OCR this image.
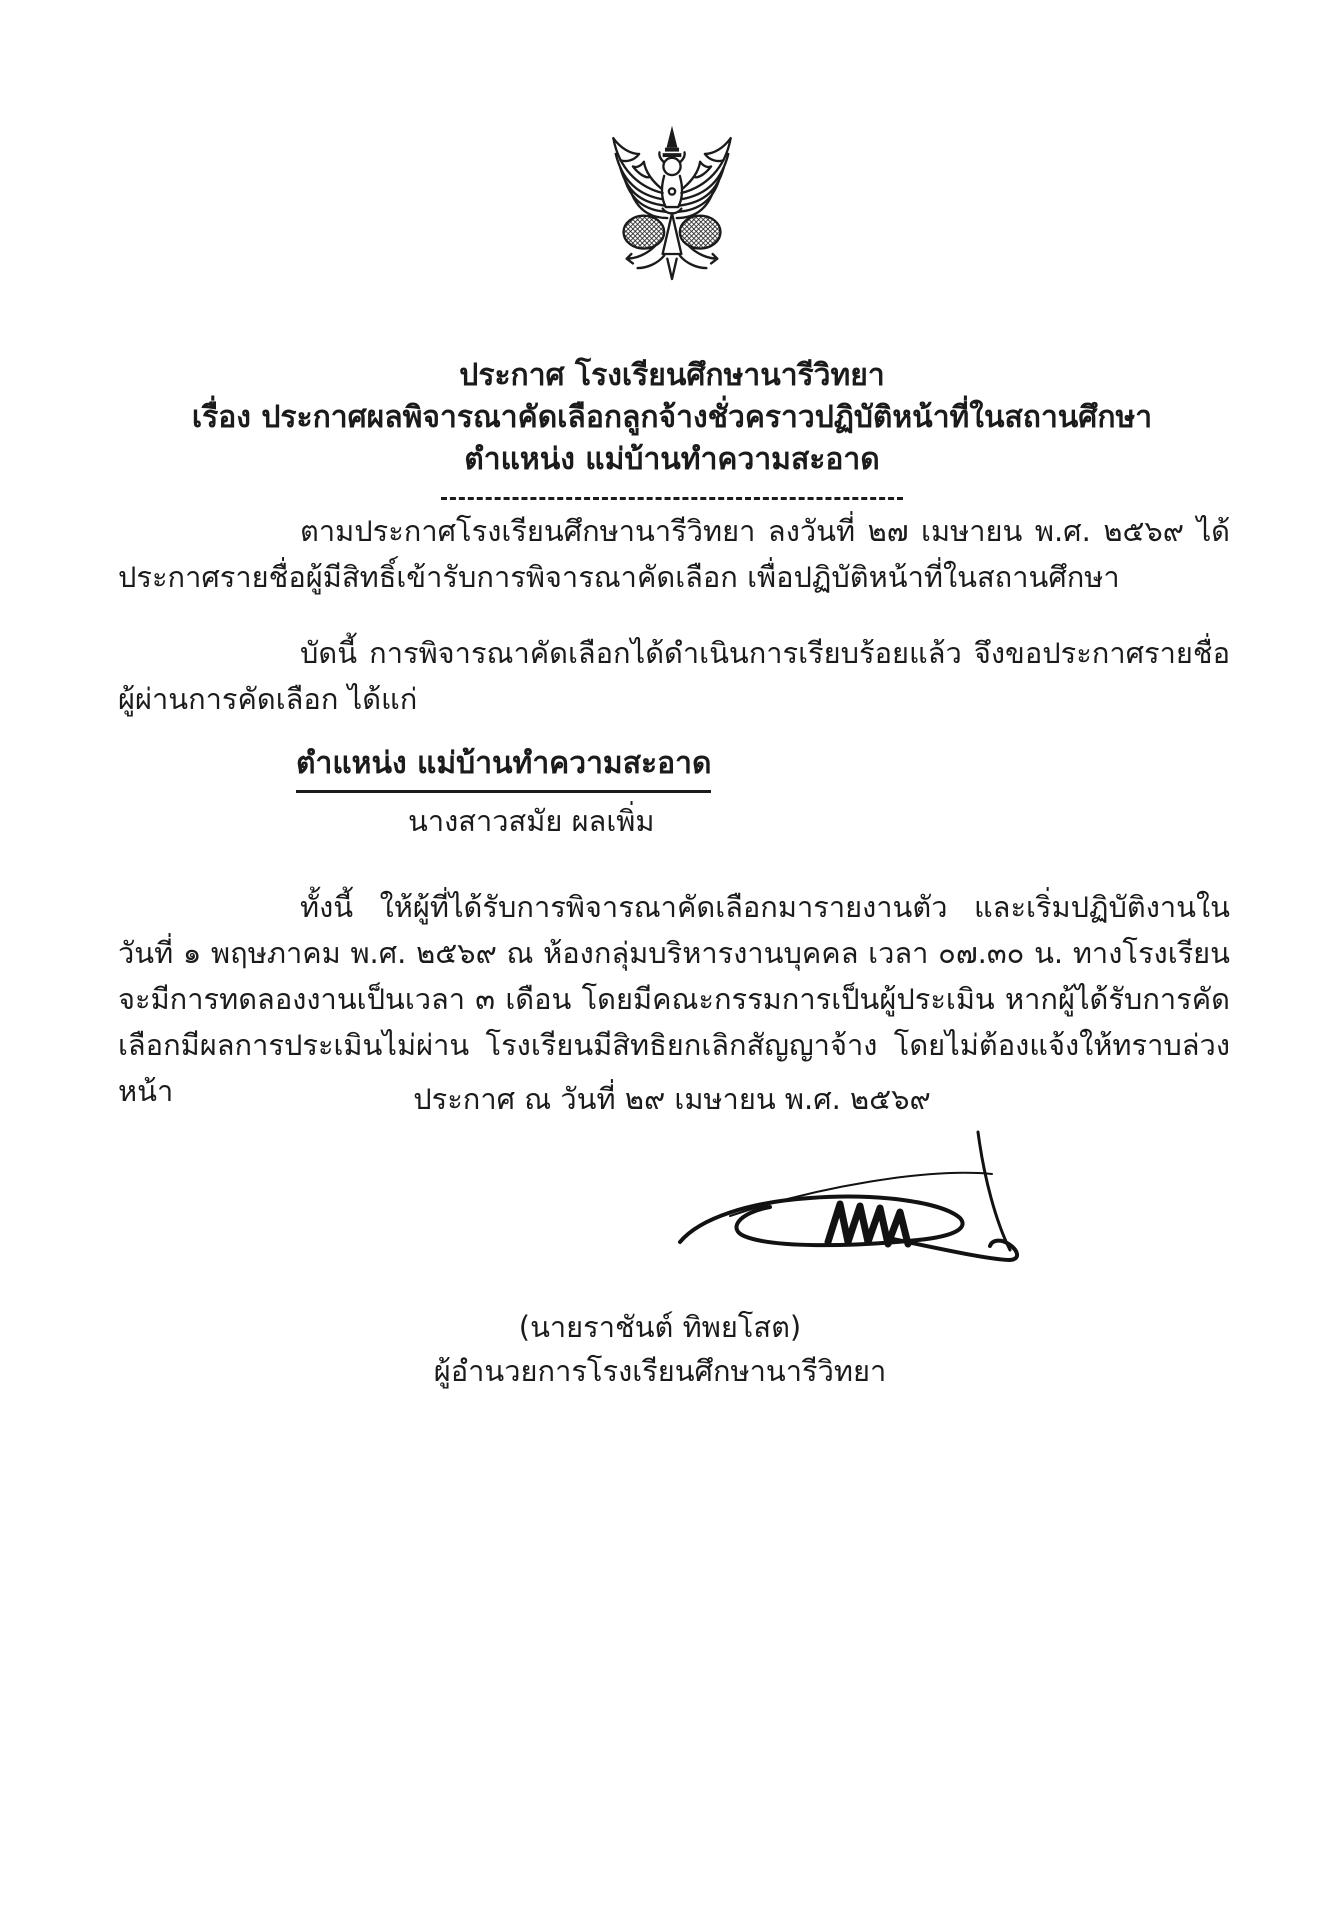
ประกาศ โรงเรียนศึกษานารีวิทยา
เรื่อง ประกาศผลพิจารณาคัดเลือกลูกจ้างชั่วคราวปฏิบัติหน้าที่ในสถานศึกษา
ตำแหน่ง แม่บ้านทำความสะอาด
ตามประกาศโรงเรียนศึกษานารีวิทยา ลงวันที่ ๒๗ เมษายน พ.ศ. ๒๕๖๙ ได้ประกาศรายชื่อผู้มีสิทธิ์เข้ารับการพิจารณาคัดเลือก เพื่อปฏิบัติหน้าที่ในสถานศึกษา
บัดนี้ การพิจารณาคัดเลือกได้ดำเนินการเรียบร้อยแล้ว จึงขอประกาศรายชื่อผู้ผ่านการคัดเลือก ได้แก่
ตำแหน่ง แม่บ้านทำความสะอาด
นางสาวสมัย ผลเพิ่ม
ทั้งนี้ ให้ผู้ที่ได้รับการพิจารณาคัดเลือกมารายงานตัว และเริ่มปฏิบัติงานในวันที่ ๑ พฤษภาคม พ.ศ. ๒๕๖๙ ณ ห้องกลุ่มบริหารงานบุคคล เวลา ๐๗.๓๐ น. ทางโรงเรียนจะมีการทดลองงานเป็นเวลา ๓ เดือน โดยมีคณะกรรมการเป็นผู้ประเมิน หากผู้ได้รับการคัดเลือกมีผลการประเมินไม่ผ่าน โรงเรียนมีสิทธิยกเลิกสัญญาจ้าง โดยไม่ต้องแจ้งให้ทราบล่วงหน้า	ประกาศ ณ วันที่ ๒๙ เมษายน พ.ศ. ๒๕๖๙
(นายราชันต์ ทิพยโสต)
ผู้อำนวยการโรงเรียนศึกษานารีวิทยา
